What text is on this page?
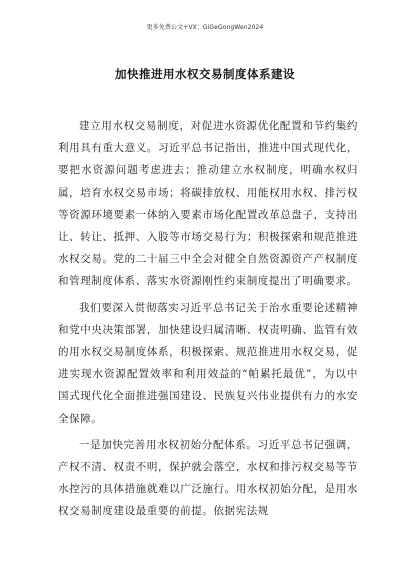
更多免费公文+VX：GiGeGongWen2024
加快推进用水权交易制度体系建设

建立用水权交易制度，对促进水资源优化配置和节约集约利用具有重大意义。习近平总书记指出，推进中国式现代化，要把水资源问题考虑进去；推动建立水权制度，明确水权归属，培育水权交易市场；将碳排放权、用能权用水权、排污权等资源环境要素一体纳入要素市场化配置改革总盘子，支持出让、转让、抵押、入股等市场交易行为；积极探索和规范推进水权交易。党的二十届三中全会对健全自然资源资产产权制度和管理制度体系、落实水资源刚性约束制度提出了明确要求。

我们要深入贯彻落实习近平总书记关于治水重要论述精神和党中央决策部署，加快建设归属清晰、权责明确、监管有效的用水权交易制度体系，积极探索、规范推进用水权交易，促进实现水资源配置效率和利用效益的“帕累托最优”，为以中国式现代化全面推进强国建设、民族复兴伟业提供有力的水安全保障。

一是加快完善用水权初始分配体系。习近平总书记强调，产权不清、权责不明，保护就会落空，水权和排污权交易等节水控污的具体措施就难以广泛施行。用水权初始分配，是用水权交易制度建设最重要的前提。依据宪法规
